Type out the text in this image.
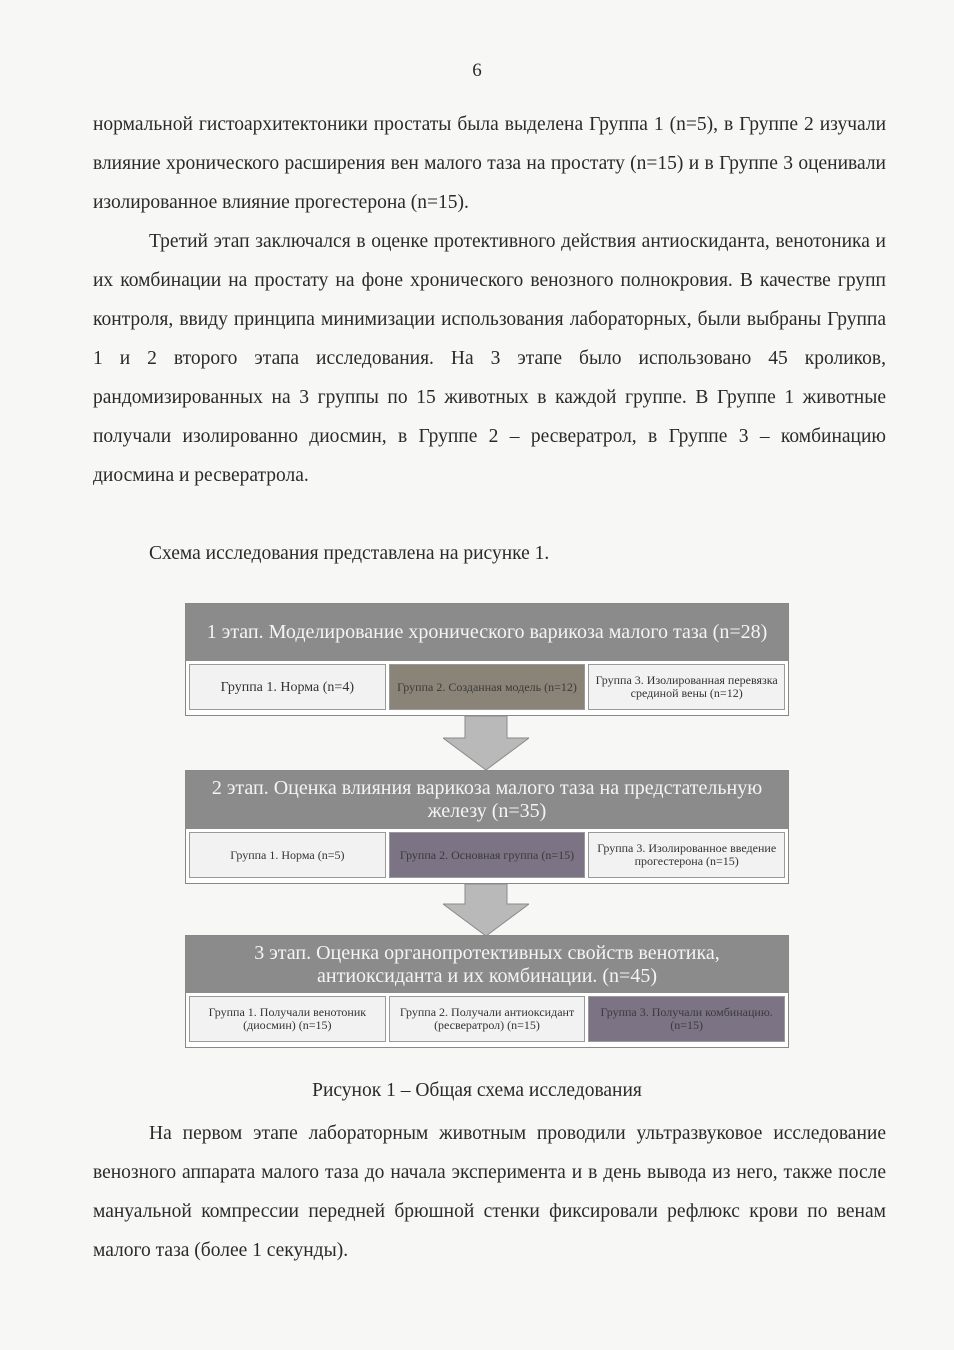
6

нормальной гистоархитектоники простаты была выделена Группа 1 (n=5), в Группе 2 изучали влияние хронического расширения вен малого таза на простату (n=15) и в Группе 3 оценивали изолированное влияние прогестерона (n=15).

Третий этап заключался в оценке протективного действия антиоскиданта, венотоника и их комбинации на простату на фоне хронического венозного полнокровия. В качестве групп контроля, ввиду принципа минимизации использования лабораторных, были выбраны Группа 1 и 2 второго этапа исследования. На 3 этапе было использовано 45 кроликов, рандомизированных на 3 группы по 15 животных в каждой группе. В Группе 1 животные получали изолированно диосмин, в Группе 2 – ресвератрол, в Группе 3 – комбинацию диосмина и ресвератрола.

Схема исследования представлена на рисунке 1.

1 этап. Моделирование хронического варикоза малого таза (n=28)
Группа 1. Норма (n=4)	Группа 2. Созданная модель (n=12)	Группа 3. Изолированная перевязка срединой вены (n=12)
2 этап. Оценка влияния варикоза малого таза на предстательную железу (n=35)
Группа 1. Норма (n=5)	Группа 2. Основная группа (n=15)	Группа 3. Изолированное введение прогестерона (n=15)
3 этап. Оценка органопротективных свойств венотика, антиоксиданта и их комбинации. (n=45)
Группа 1. Получали венотоник (диосмин) (n=15)
Группа 2. Получали антиоксидант (ресвератрол) (n=15)
Группа 3. Получали комбинацию. (n=15)
Рисунок 1 – Общая схема исследования

На первом этапе лабораторным животным проводили ультразвуковое исследование венозного аппарата малого таза до начала эксперимента и в день вывода из него, также после мануальной компрессии передней брюшной стенки фиксировали рефлюкс крови по венам малого таза (более 1 секунды).
